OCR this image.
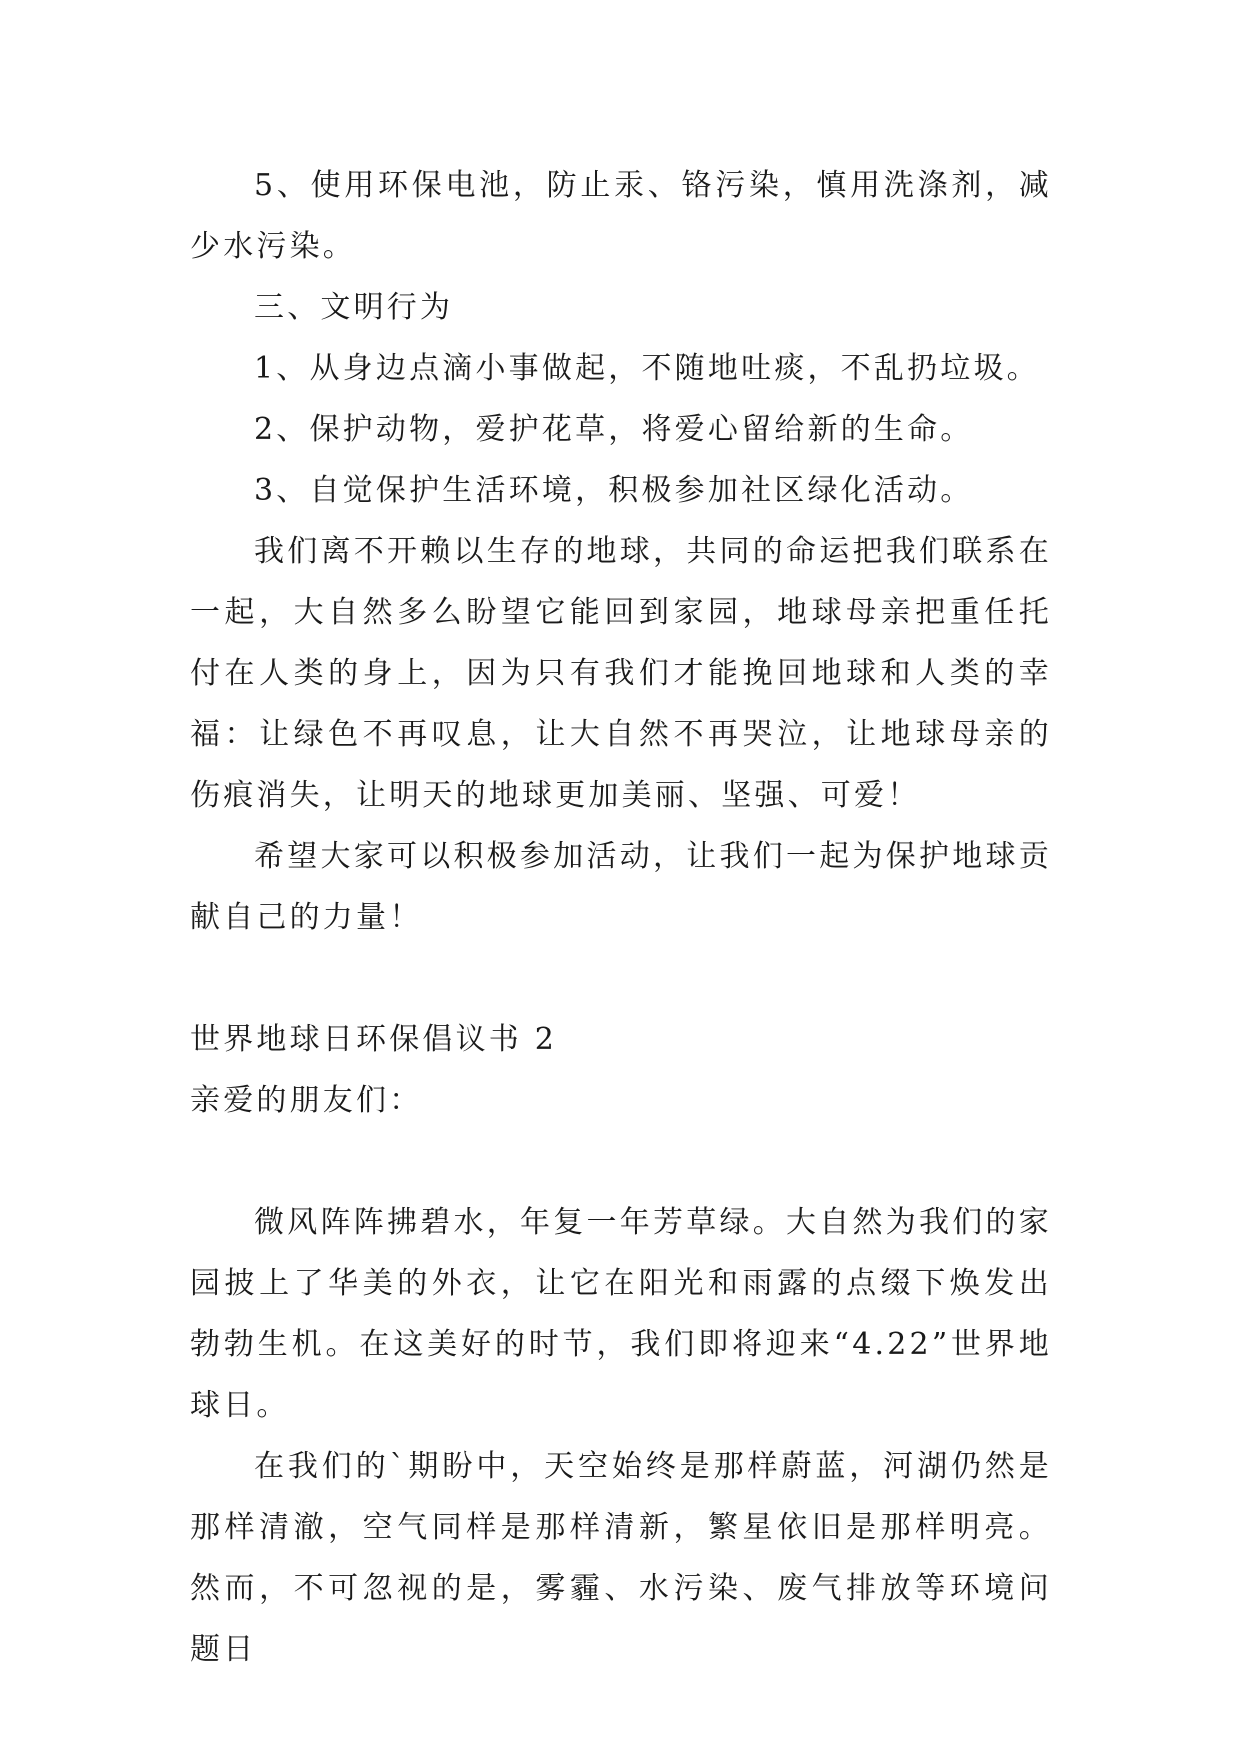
5、使用环保电池，防止汞、铬污染，慎用洗涤剂，减少水污染。

三、文明行为

1、从身边点滴小事做起，不随地吐痰，不乱扔垃圾。

2、保护动物，爱护花草，将爱心留给新的生命。

3、自觉保护生活环境，积极参加社区绿化活动。

我们离不开赖以生存的地球，共同的命运把我们联系在一起，大自然多么盼望它能回到家园，地球母亲把重任托付在人类的身上，因为只有我们才能挽回地球和人类的幸福：让绿色不再叹息，让大自然不再哭泣，让地球母亲的伤痕消失，让明天的地球更加美丽、坚强、可爱！

希望大家可以积极参加活动，让我们一起为保护地球贡献自己的力量！

世界地球日环保倡议书 2

亲爱的朋友们：

微风阵阵拂碧水，年复一年芳草绿。大自然为我们的家园披上了华美的外衣，让它在阳光和雨露的点缀下焕发出勃勃生机。在这美好的时节，我们即将迎来“4.22”世界地球日。

在我们的`期盼中，天空始终是那样蔚蓝，河湖仍然是那样清澈，空气同样是那样清新，繁星依旧是那样明亮。然而，不可忽视的是，雾霾、水污染、废气排放等环境问题日
